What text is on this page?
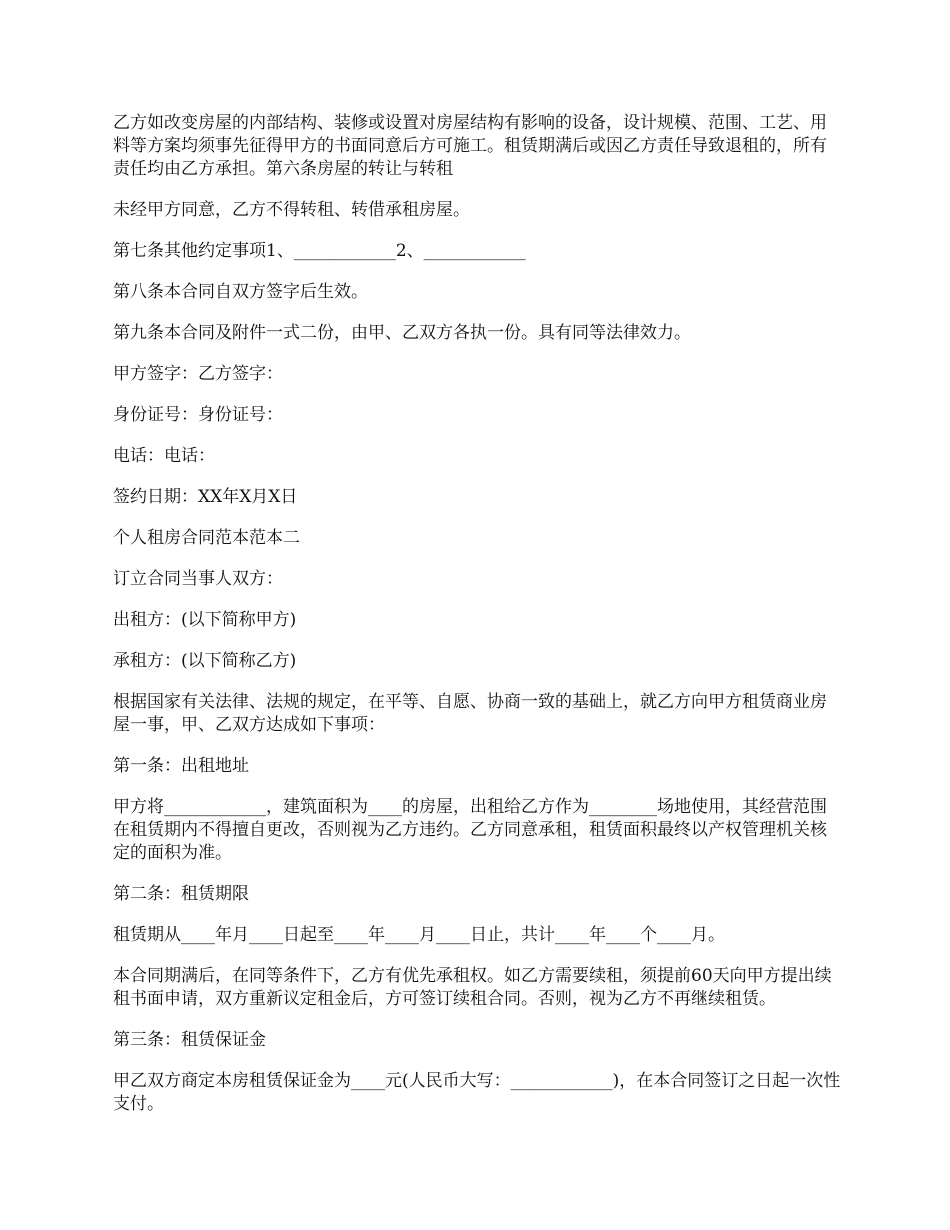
乙方如改变房屋的内部结构、装修或设置对房屋结构有影响的设备，设计规模、范围、工艺、用料等方案均须事先征得甲方的书面同意后方可施工。租赁期满后或因乙方责任导致退租的，所有责任均由乙方承担。第六条房屋的转让与转租

未经甲方同意，乙方不得转租、转借承租房屋。

第七条其他约定事项1、____________2、____________

第八条本合同自双方签字后生效。

第九条本合同及附件一式二份，由甲、乙双方各执一份。具有同等法律效力。

甲方签字：乙方签字：

身份证号：身份证号：

电话：电话：

签约日期：XX年X月X日

个人租房合同范本范本二

订立合同当事人双方：

出租方：(以下简称甲方)

承租方：(以下简称乙方)

根据国家有关法律、法规的规定，在平等、自愿、协商一致的基础上，就乙方向甲方租赁商业房屋一事，甲、乙双方达成如下事项：

第一条：出租地址

甲方将____________，建筑面积为____的房屋，出租给乙方作为________场地使用，其经营范围在租赁期内不得擅自更改，否则视为乙方违约。乙方同意承租，租赁面积最终以产权管理机关核定的面积为准。

第二条：租赁期限

租赁期从____年月____日起至____年____月____日止，共计____年____个____月。

本合同期满后，在同等条件下，乙方有优先承租权。如乙方需要续租，须提前60天向甲方提出续租书面申请，双方重新议定租金后，方可签订续租合同。否则，视为乙方不再继续租赁。

第三条：租赁保证金

甲乙双方商定本房租赁保证金为____元(人民币大写：____________)，在本合同签订之日起一次性支付。
